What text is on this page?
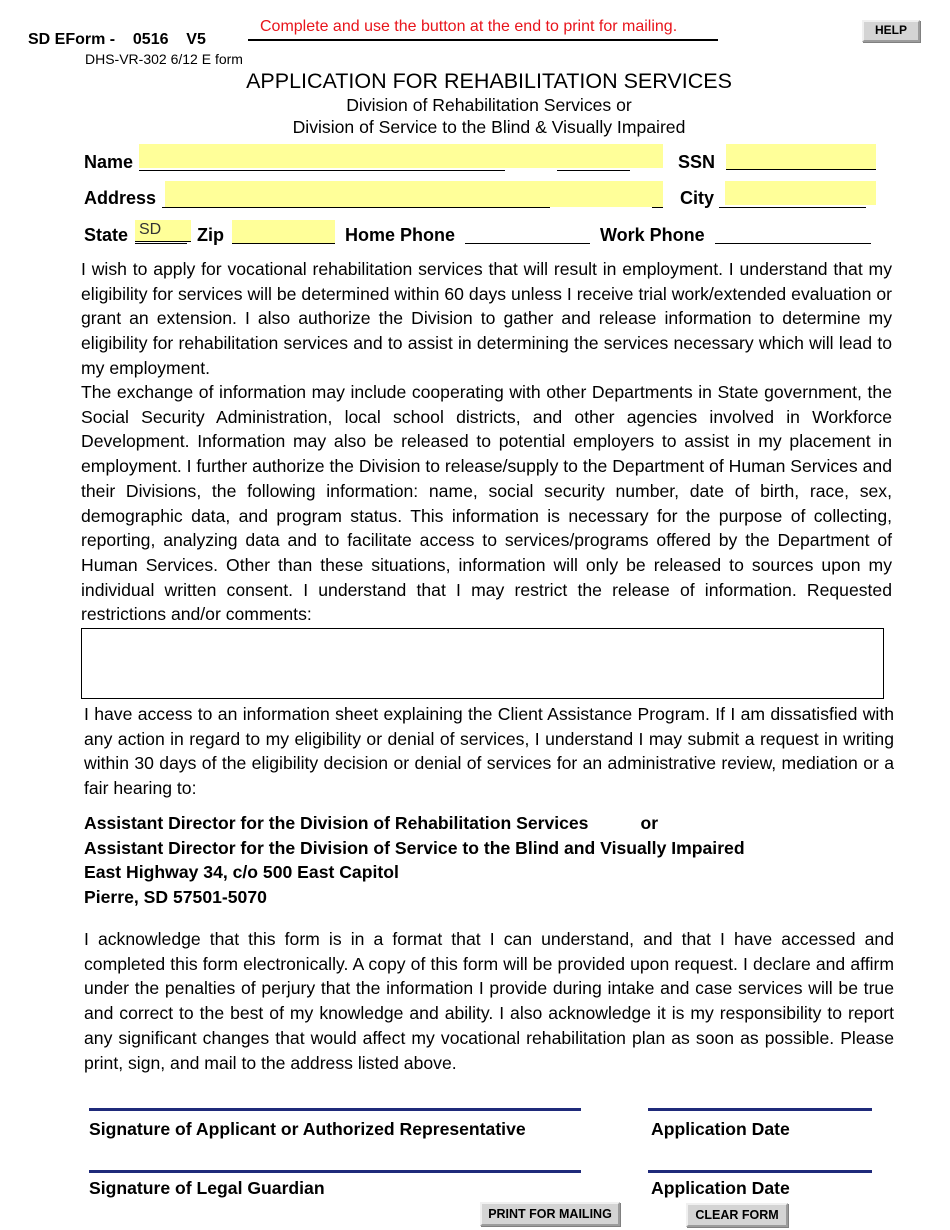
SD EForm -    0516    V5
DHS-VR-302 6/12 E form
Complete and use the button at the end to print for mailing.	HELP
APPLICATION FOR REHABILITATION SERVICES
Division of Rehabilitation Services or
Division of Service to the Blind & Visually Impaired
Name	SSN
Address	City
State SD	Zip	Home Phone	Work Phone
I wish to apply for vocational rehabilitation services that will result in employment. I understand that my eligibility for services will be determined within 60 days unless I receive trial work/extended evaluation or grant an extension. I also authorize the Division to gather and release information to determine my eligibility for rehabilitation services and to assist in determining the services necessary which will lead to my employment.
The exchange of information may include cooperating with other Departments in State government, the Social Security Administration, local school districts, and other agencies involved in Workforce Development. Information may also be released to potential employers to assist in my placement in employment. I further authorize the Division to release/supply to the Department of Human Services and their Divisions, the following information: name, social security number, date of birth, race, sex, demographic data, and program status. This information is necessary for the purpose of collecting, reporting, analyzing data and to facilitate access to services/programs offered by the Department of Human Services. Other than these situations, information will only be released to sources upon my individual written consent. I understand that I may restrict the release of information. Requested restrictions and/or comments:
I have access to an information sheet explaining the Client Assistance Program. If I am dissatisfied with any action in regard to my eligibility or denial of services, I understand I may submit a request in writing within 30 days of the eligibility decision or denial of services for an administrative review, mediation or a fair hearing to:
Assistant Director for the Division of Rehabilitation Services	or
Assistant Director for the Division of Service to the Blind and Visually Impaired
East Highway 34, c/o 500 East Capitol
Pierre, SD 57501-5070
I acknowledge that this form is in a format that I can understand, and that I have accessed and completed this form electronically. A copy of this form will be provided upon request. I declare and affirm under the penalties of perjury that the information I provide during intake and case services will be true and correct to the best of my knowledge and ability. I also acknowledge it is my responsibility to report any significant changes that would affect my vocational rehabilitation plan as soon as possible. Please print, sign, and mail to the address listed above.
Signature of Applicant or Authorized Representative	Application Date
Signature of Legal Guardian	Application Date
PRINT FOR MAILING	CLEAR FORM
